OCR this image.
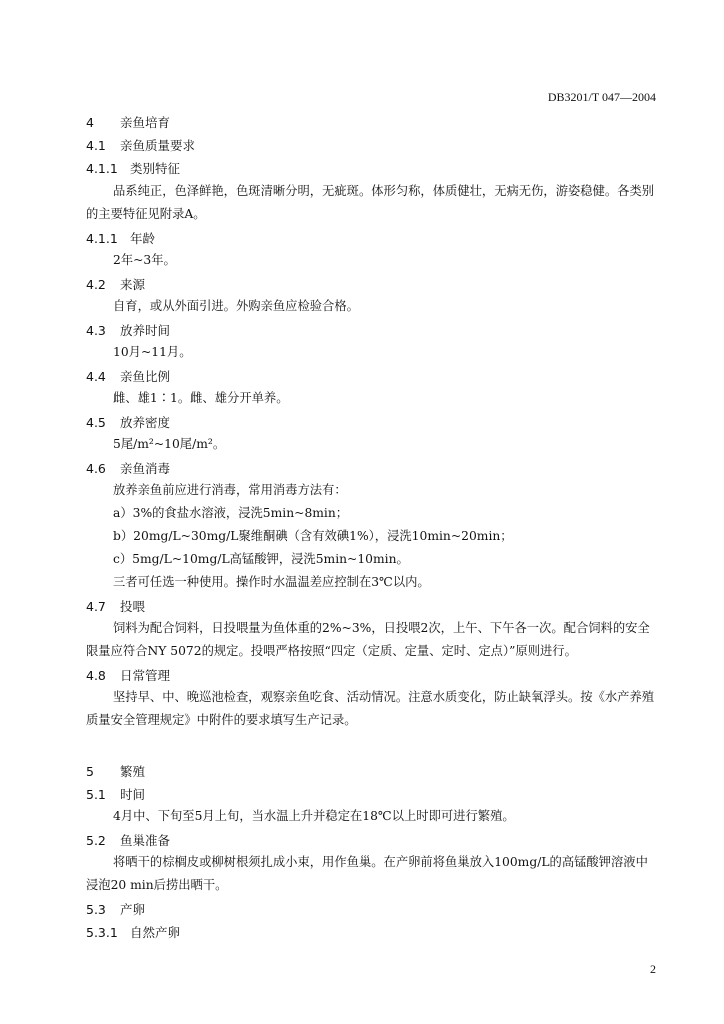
DB3201/T 047—2004
4 亲鱼培育
4.1 亲鱼质量要求
4.1.1 类别特征

品系纯正，色泽鲜艳，色斑清晰分明，无疵斑。体形匀称，体质健壮，无病无伤，游姿稳健。各类别的主要特征见附录A。

4.1.1 年龄

2年~3年。

4.2 来源

自育，或从外面引进。外购亲鱼应检验合格。

4.3 放养时间

10月~11月。

4.4 亲鱼比例

雌、雄1∶1。雌、雄分开单养。

4.5 放养密度

5尾/m²~10尾/m²。

4.6 亲鱼消毒

放养亲鱼前应进行消毒，常用消毒方法有：

a）3%的食盐水溶液，浸洗5min~8min；

b）20mg/L~30mg/L聚维酮碘（含有效碘1%），浸洗10min~20min；

c）5mg/L~10mg/L高锰酸钾，浸洗5min~10min。

三者可任选一种使用。操作时水温温差应控制在3℃以内。

4.7 投喂

饲料为配合饲料，日投喂量为鱼体重的2%~3%，日投喂2次，上午、下午各一次。配合饲料的安全限量应符合NY 5072的规定。投喂严格按照“四定（定质、定量、定时、定点）”原则进行。

4.8 日常管理

坚持早、中、晚巡池检查，观察亲鱼吃食、活动情况。注意水质变化，防止缺氧浮头。按《水产养殖质量安全管理规定》中附件的要求填写生产记录。

5 繁殖
5.1 时间

4月中、下旬至5月上旬，当水温上升并稳定在18℃以上时即可进行繁殖。

5.2 鱼巢准备

将晒干的棕榈皮或柳树根须扎成小束，用作鱼巢。在产卵前将鱼巢放入100mg/L的高锰酸钾溶液中浸泡20 min后捞出晒干。

5.3 产卵
5.3.1 自然产卵
2
